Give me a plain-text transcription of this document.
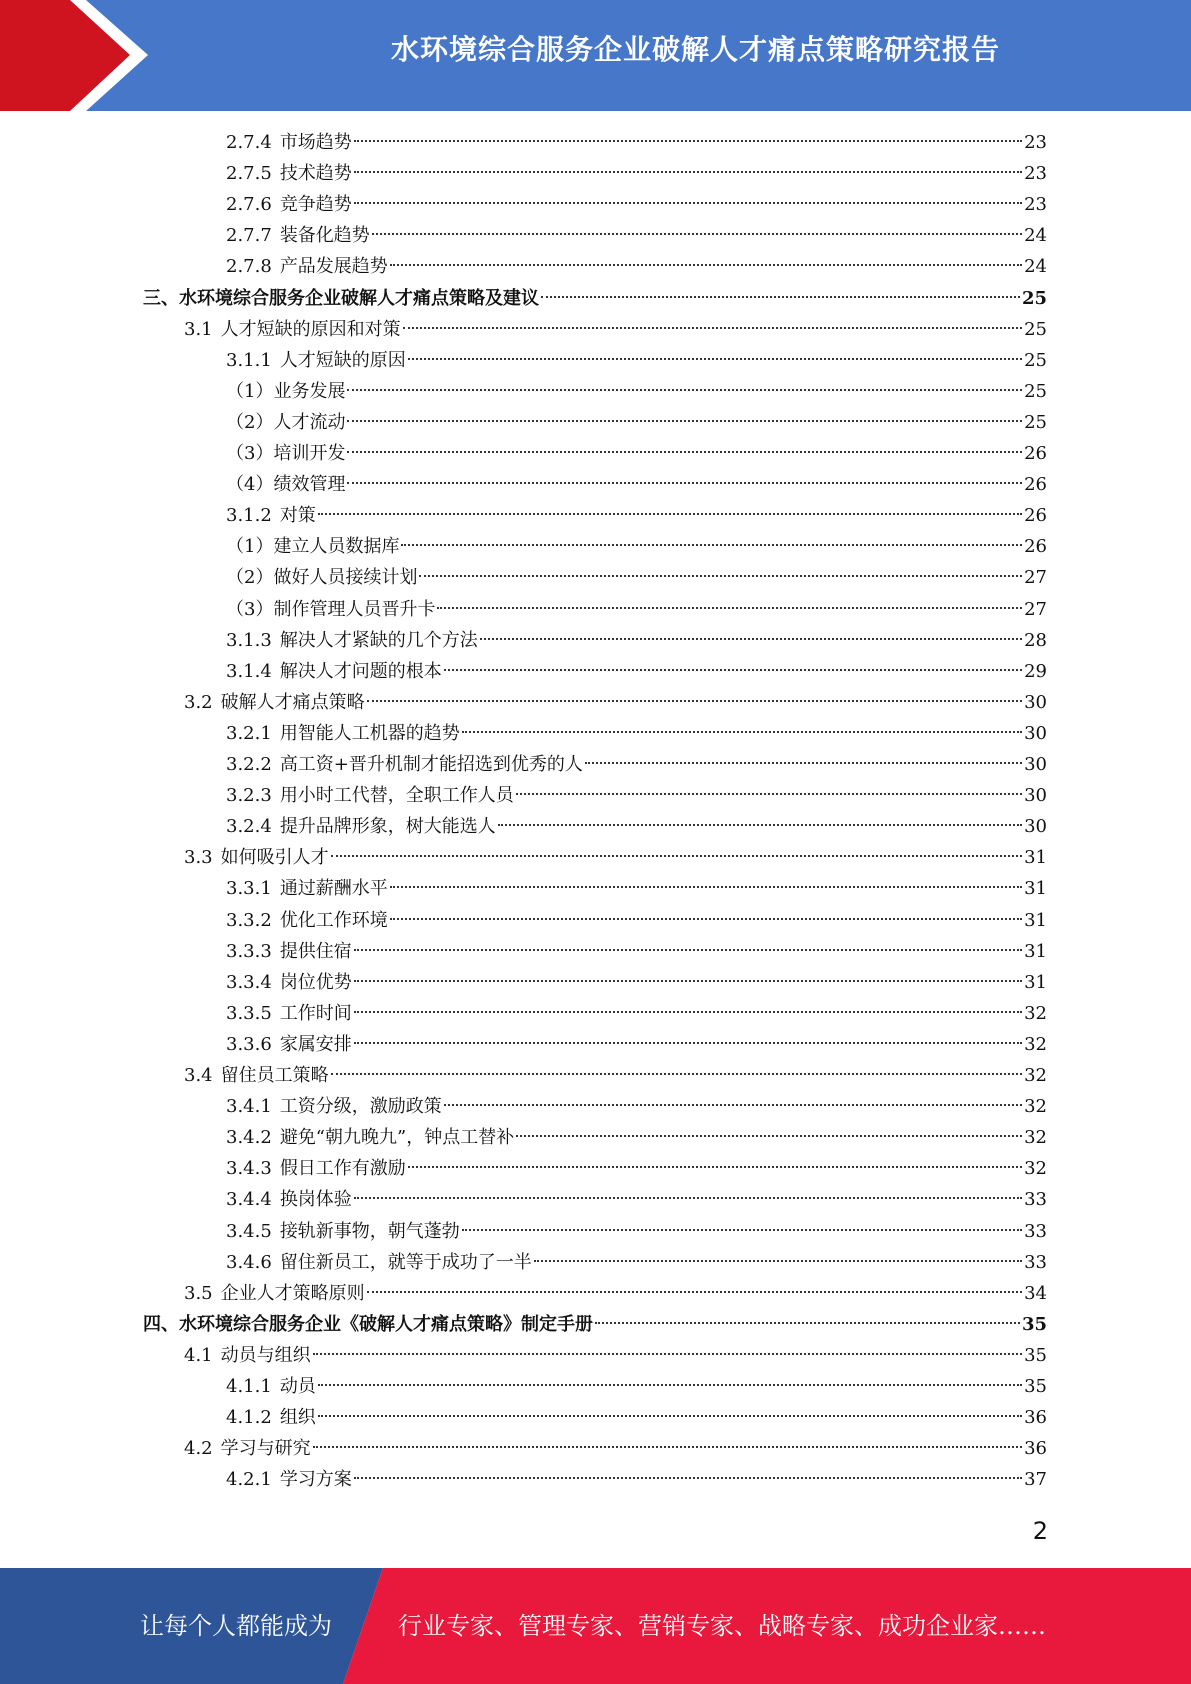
水环境综合服务企业破解人才痛点策略研究报告
2.7.4 市场趋势	23
2.7.5 技术趋势	23
2.7.6 竞争趋势	23
2.7.7 装备化趋势	24
2.7.8 产品发展趋势	24
三、水环境综合服务企业破解人才痛点策略及建议	25
3.1 人才短缺的原因和对策	25
3.1.1 人才短缺的原因	25
（1）业务发展	25
（2）人才流动	25
（3）培训开发	26
（4）绩效管理	26
3.1.2 对策	26
（1）建立人员数据库	26
（2）做好人员接续计划	27
（3）制作管理人员晋升卡	27
3.1.3 解决人才紧缺的几个方法	28
3.1.4 解决人才问题的根本	29
3.2 破解人才痛点策略	30
3.2.1 用智能人工机器的趋势	30
3.2.2 高工资+晋升机制才能招选到优秀的人	30
3.2.3 用小时工代替，全职工作人员	30
3.2.4 提升品牌形象，树大能选人	30
3.3 如何吸引人才	31
3.3.1 通过薪酬水平	31
3.3.2 优化工作环境	31
3.3.3 提供住宿	31
3.3.4 岗位优势	31
3.3.5 工作时间	32
3.3.6 家属安排	32
3.4 留住员工策略	32
3.4.1 工资分级，激励政策	32
3.4.2 避免“朝九晚九”，钟点工替补	32
3.4.3 假日工作有激励	32
3.4.4 换岗体验	33
3.4.5 接轨新事物，朝气蓬勃	33
3.4.6 留住新员工，就等于成功了一半	33
3.5 企业人才策略原则	34
四、水环境综合服务企业《破解人才痛点策略》制定手册	35
4.1 动员与组织	35
4.1.1 动员	35
4.1.2 组织	36
4.2 学习与研究	36
4.2.1 学习方案	37
2
让每个人都能成为	行业专家、管理专家、营销专家、战略专家、成功企业家……
